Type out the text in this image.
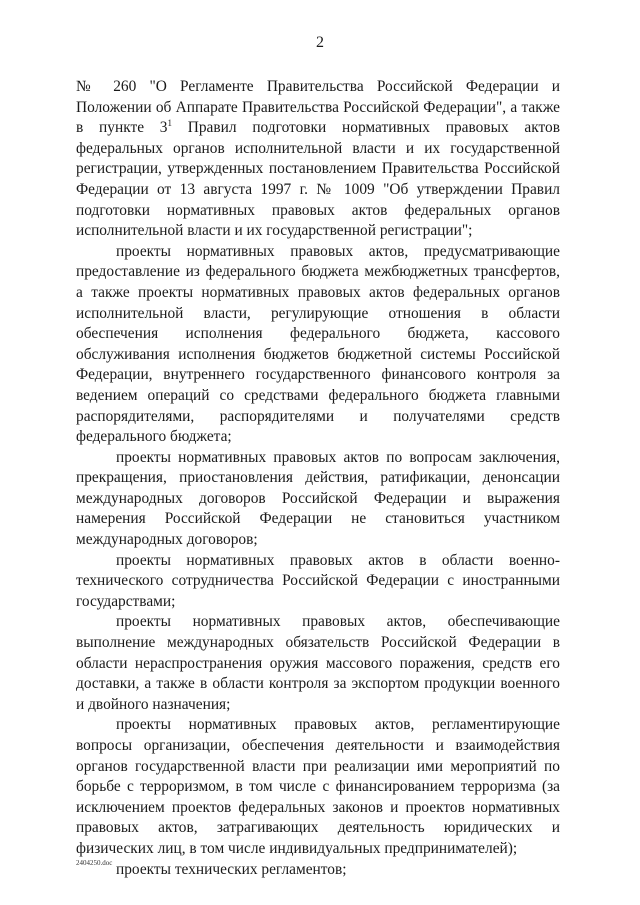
2

№ 260 "О Регламенте Правительства Российской Федерации и Положении об Аппарате Правительства Российской Федерации", а также в пункте $3^1$ Правил подготовки нормативных правовых актов федеральных органов исполнительной власти и их государственной регистрации, утвержденных постановлением Правительства Российской Федерации от 13 августа 1997 г. № 1009 "Об утверждении Правил подготовки нормативных правовых актов федеральных органов исполнительной власти и их государственной регистрации";

проекты нормативных правовых актов, предусматривающие предоставление из федерального бюджета межбюджетных трансфертов, а также проекты нормативных правовых актов федеральных органов исполнительной власти, регулирующие отношения в области обеспечения исполнения федерального бюджета, кассового обслуживания исполнения бюджетов бюджетной системы Российской Федерации, внутреннего государственного финансового контроля за ведением операций со средствами федерального бюджета главными распорядителями, распорядителями и получателями средств федерального бюджета;

проекты нормативных правовых актов по вопросам заключения, прекращения, приостановления действия, ратификации, денонсации международных договоров Российской Федерации и выражения намерения Российской Федерации не становиться участником международных договоров;

проекты нормативных правовых актов в области военно-технического сотрудничества Российской Федерации с иностранными государствами;

проекты нормативных правовых актов, обеспечивающие выполнение международных обязательств Российской Федерации в области нераспространения оружия массового поражения, средств его доставки, а также в области контроля за экспортом продукции военного и двойного назначения;

проекты нормативных правовых актов, регламентирующие вопросы организации, обеспечения деятельности и взаимодействия органов государственной власти при реализации ими мероприятий по борьбе с терроризмом, в том числе с финансированием терроризма (за исключением проектов федеральных законов и проектов нормативных правовых актов, затрагивающих деятельность юридических и физических лиц, в том числе индивидуальных предпринимателей);

проекты технических регламентов;

2404250.doc
